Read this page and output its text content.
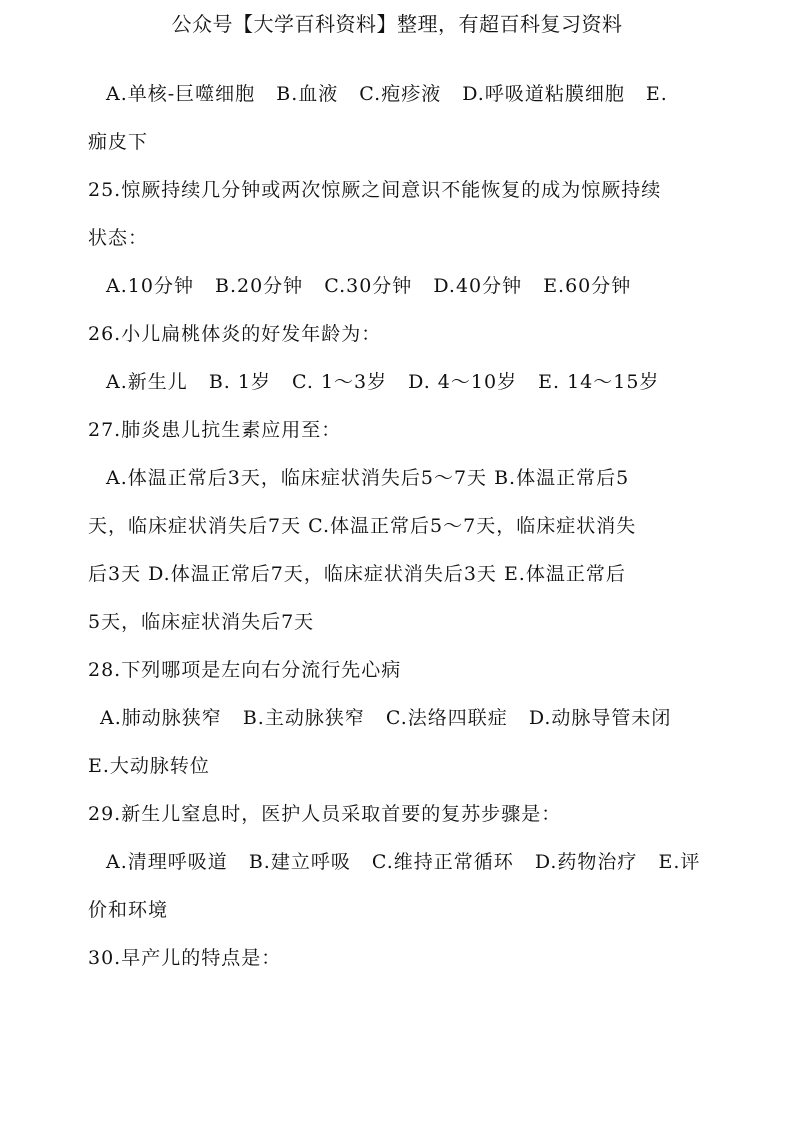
公众号【大学百科资料】整理，有超百科复习资料
A.单核-巨噬细胞 B.血液 C.疱疹液 D.呼吸道粘膜细胞 E.
痂皮下
25.惊厥持续几分钟或两次惊厥之间意识不能恢复的成为惊厥持续
状态：
A.10分钟 B.20分钟 C.30分钟 D.40分钟 E.60分钟
26.小儿扁桃体炎的好发年龄为：
A.新生儿 B. 1岁 C. 1～3岁 D. 4～10岁 E. 14～15岁
27.肺炎患儿抗生素应用至：
A.体温正常后3天，临床症状消失后5～7天 B.体温正常后5
天，临床症状消失后7天 C.体温正常后5～7天，临床症状消失
后3天 D.体温正常后7天，临床症状消失后3天 E.体温正常后
5天，临床症状消失后7天
28.下列哪项是左向右分流行先心病
A.肺动脉狭窄 B.主动脉狭窄 C.法络四联症 D.动脉导管未闭
E.大动脉转位
29.新生儿窒息时，医护人员采取首要的复苏步骤是：
A.清理呼吸道 B.建立呼吸 C.维持正常循环 D.药物治疗 E.评
价和环境
30.早产儿的特点是：
